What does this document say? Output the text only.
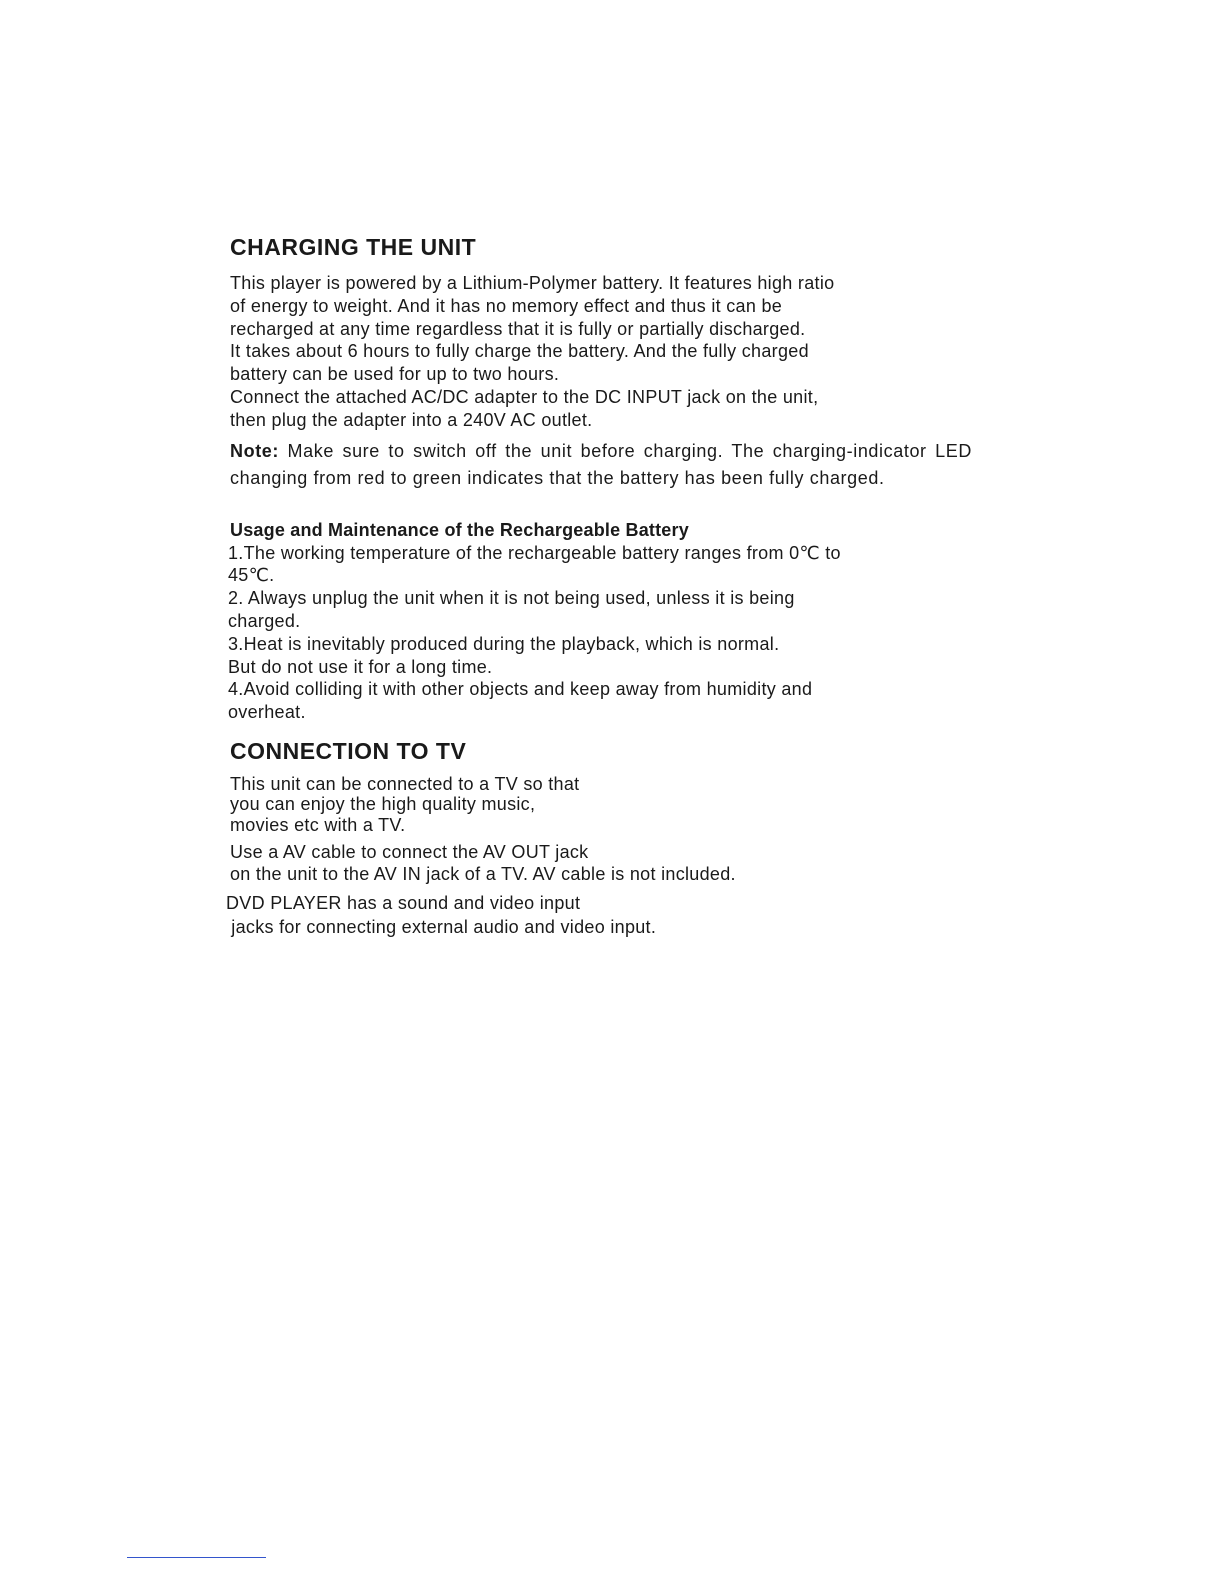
CHARGING THE UNIT
This player is powered by a Lithium-Polymer battery. It features high ratio
of energy to weight. And it has no memory effect and thus it can be
recharged at any time regardless that it is fully or partially discharged.
It takes about 6 hours to fully charge the battery. And the fully charged
battery can be used for up to two hours.
Connect the attached AC/DC adapter to the DC INPUT jack on the unit,
then plug the adapter into a 240V AC outlet.
Note: Make sure to switch off the unit before charging. The charging-indicator LED changing from red to green indicates that the battery has been fully charged.
Usage and Maintenance of the Rechargeable Battery
1.The working temperature of the rechargeable battery ranges from 0℃ to
45℃.
2. Always unplug the unit when it is not being used, unless it is being
charged.
3.Heat is inevitably produced during the playback, which is normal.
But do not use it for a long time.
4.Avoid colliding it with other objects and keep away from humidity and
overheat.
CONNECTION TO TV
This unit can be connected to a TV so that
you can enjoy the high quality music,
movies etc with a TV.
Use a AV cable to connect the AV OUT jack
on the unit to the AV IN jack of a TV. AV cable is not included.
DVD PLAYER has a sound and video input
jacks for connecting external audio and video input.
